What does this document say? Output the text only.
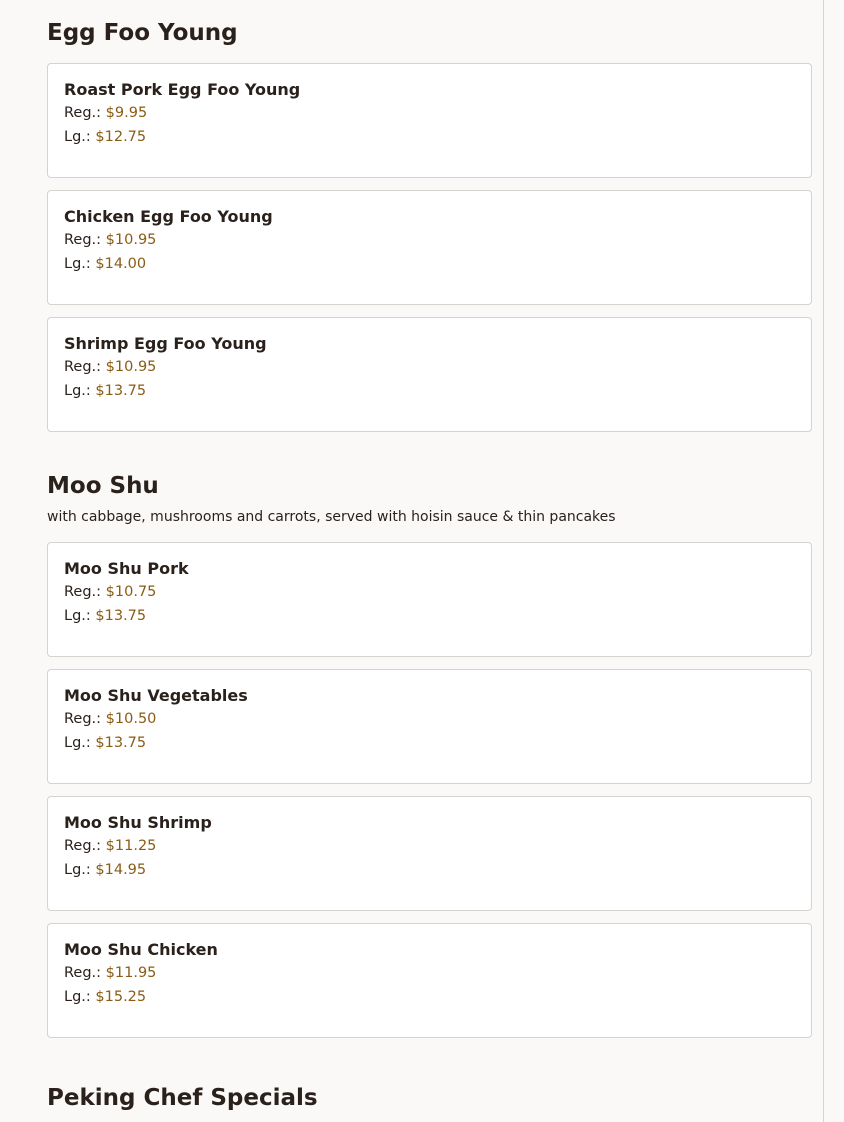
Egg Foo Young
Roast Pork Egg Foo Young
Reg.: $9.95
Lg.: $12.75
Chicken Egg Foo Young
Reg.: $10.95
Lg.: $14.00
Shrimp Egg Foo Young
Reg.: $10.95
Lg.: $13.75
Moo Shu

with cabbage, mushrooms and carrots, served with hoisin sauce & thin pancakes

Moo Shu Pork
Reg.: $10.75
Lg.: $13.75
Moo Shu Vegetables
Reg.: $10.50
Lg.: $13.75
Moo Shu Shrimp
Reg.: $11.25
Lg.: $14.95
Moo Shu Chicken
Reg.: $11.95
Lg.: $15.25
Peking Chef Specials
